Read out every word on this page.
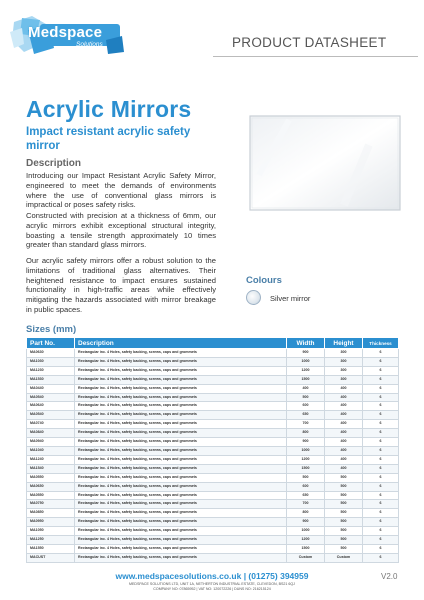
Medspace
Solutions	PRODUCT DATASHEET
Acrylic Mirrors
Impact resistant acrylic safety mirror
Description
Introducing our Impact Resistant Acrylic Safety Mirror, engineered to meet the demands of environments where the use of conventional glass mirrors is impractical or poses safety risks.
Constructed with precision at a thickness of 6mm, our acrylic mirrors exhibit exceptional structural integrity, boasting a tensile strength approximately 10 times greater than standard glass mirrors.
Our acrylic safety mirrors offer a robust solution to the limitations of traditional glass alternatives. Their heightened resistance to impact ensures sustained functionality in high-traffic areas while effectively mitigating the hazards associated with mirror breakage in public spaces.
Colours
Silver mirror
Sizes (mm)
Part No.	Description	Width	Height	Thickness
MA0630	Rectangular inc. 4 Holes, safety backing, screws, caps and grommets	900	300	6
MA1030	Rectangular inc. 4 Holes, safety backing, screws, caps and grommets	1000	300	6
MA1230	Rectangular inc. 4 Holes, safety backing, screws, caps and grommets	1200	300	6
MA1530	Rectangular inc. 4 Holes, safety backing, screws, caps and grommets	1500	300	6
MA0440	Rectangular inc. 4 Holes, safety backing, screws, caps and grommets	400	400	6
MA0540	Rectangular inc. 4 Holes, safety backing, screws, caps and grommets	500	400	6
MA0640	Rectangular inc. 4 Holes, safety backing, screws, caps and grommets	600	400	6
MA0540	Rectangular inc. 4 Holes, safety backing, screws, caps and grommets	650	400	6
MA0740	Rectangular inc. 4 Holes, safety backing, screws, caps and grommets	700	400	6
MA0840	Rectangular inc. 4 Holes, safety backing, screws, caps and grommets	800	400	6
MA0940	Rectangular inc. 4 Holes, safety backing, screws, caps and grommets	900	400	6
MA1040	Rectangular inc. 4 Holes, safety backing, screws, caps and grommets	1000	400	6
MA1240	Rectangular inc. 4 Holes, safety backing, screws, caps and grommets	1200	400	6
MA1540	Rectangular inc. 4 Holes, safety backing, screws, caps and grommets	1500	400	6
MA0550	Rectangular inc. 4 Holes, safety backing, screws, caps and grommets	500	500	6
MA0650	Rectangular inc. 4 Holes, safety backing, screws, caps and grommets	600	500	6
MA0550	Rectangular inc. 4 Holes, safety backing, screws, caps and grommets	650	500	6
MA0750	Rectangular inc. 4 Holes, safety backing, screws, caps and grommets	700	500	6
MA0850	Rectangular inc. 4 Holes, safety backing, screws, caps and grommets	800	500	6
MA0950	Rectangular inc. 4 Holes, safety backing, screws, caps and grommets	900	500	6
MA1050	Rectangular inc. 4 Holes, safety backing, screws, caps and grommets	1000	500	6
MA1250	Rectangular inc. 4 Holes, safety backing, screws, caps and grommets	1200	500	6
MA1550	Rectangular inc. 4 Holes, safety backing, screws, caps and grommets	1500	500	6
MACUST	Rectangular inc. 4 Holes, safety backing, screws, caps and grommets	Custom	Custom	6
www.medspacesolutions.co.uk | (01275) 394959
MEDSPACE SOLUTIONS LTD, UNIT 1A, NETHERTON INDUSTRIAL ESTATE, CLEVEDON, BS21 6QJ
COMPANY NO: 07865952 | VAT NO: 120072226 | DUNS NO: 216215124
V2.0
